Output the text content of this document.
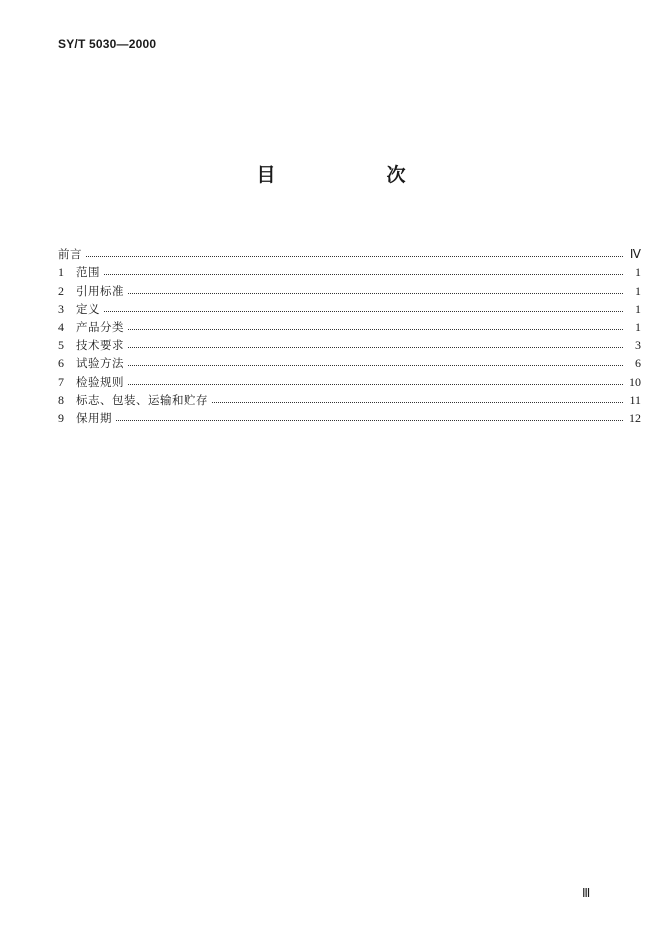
SY/T 5030—2000
目　次
前言	Ⅳ
1	范围	1
2	引用标准	1
3	定义	1
4	产品分类	1
5	技术要求	3
6	试验方法	6
7	检验规则	10
8	标志、包装、运输和贮存	11
9	保用期	12
Ⅲ
